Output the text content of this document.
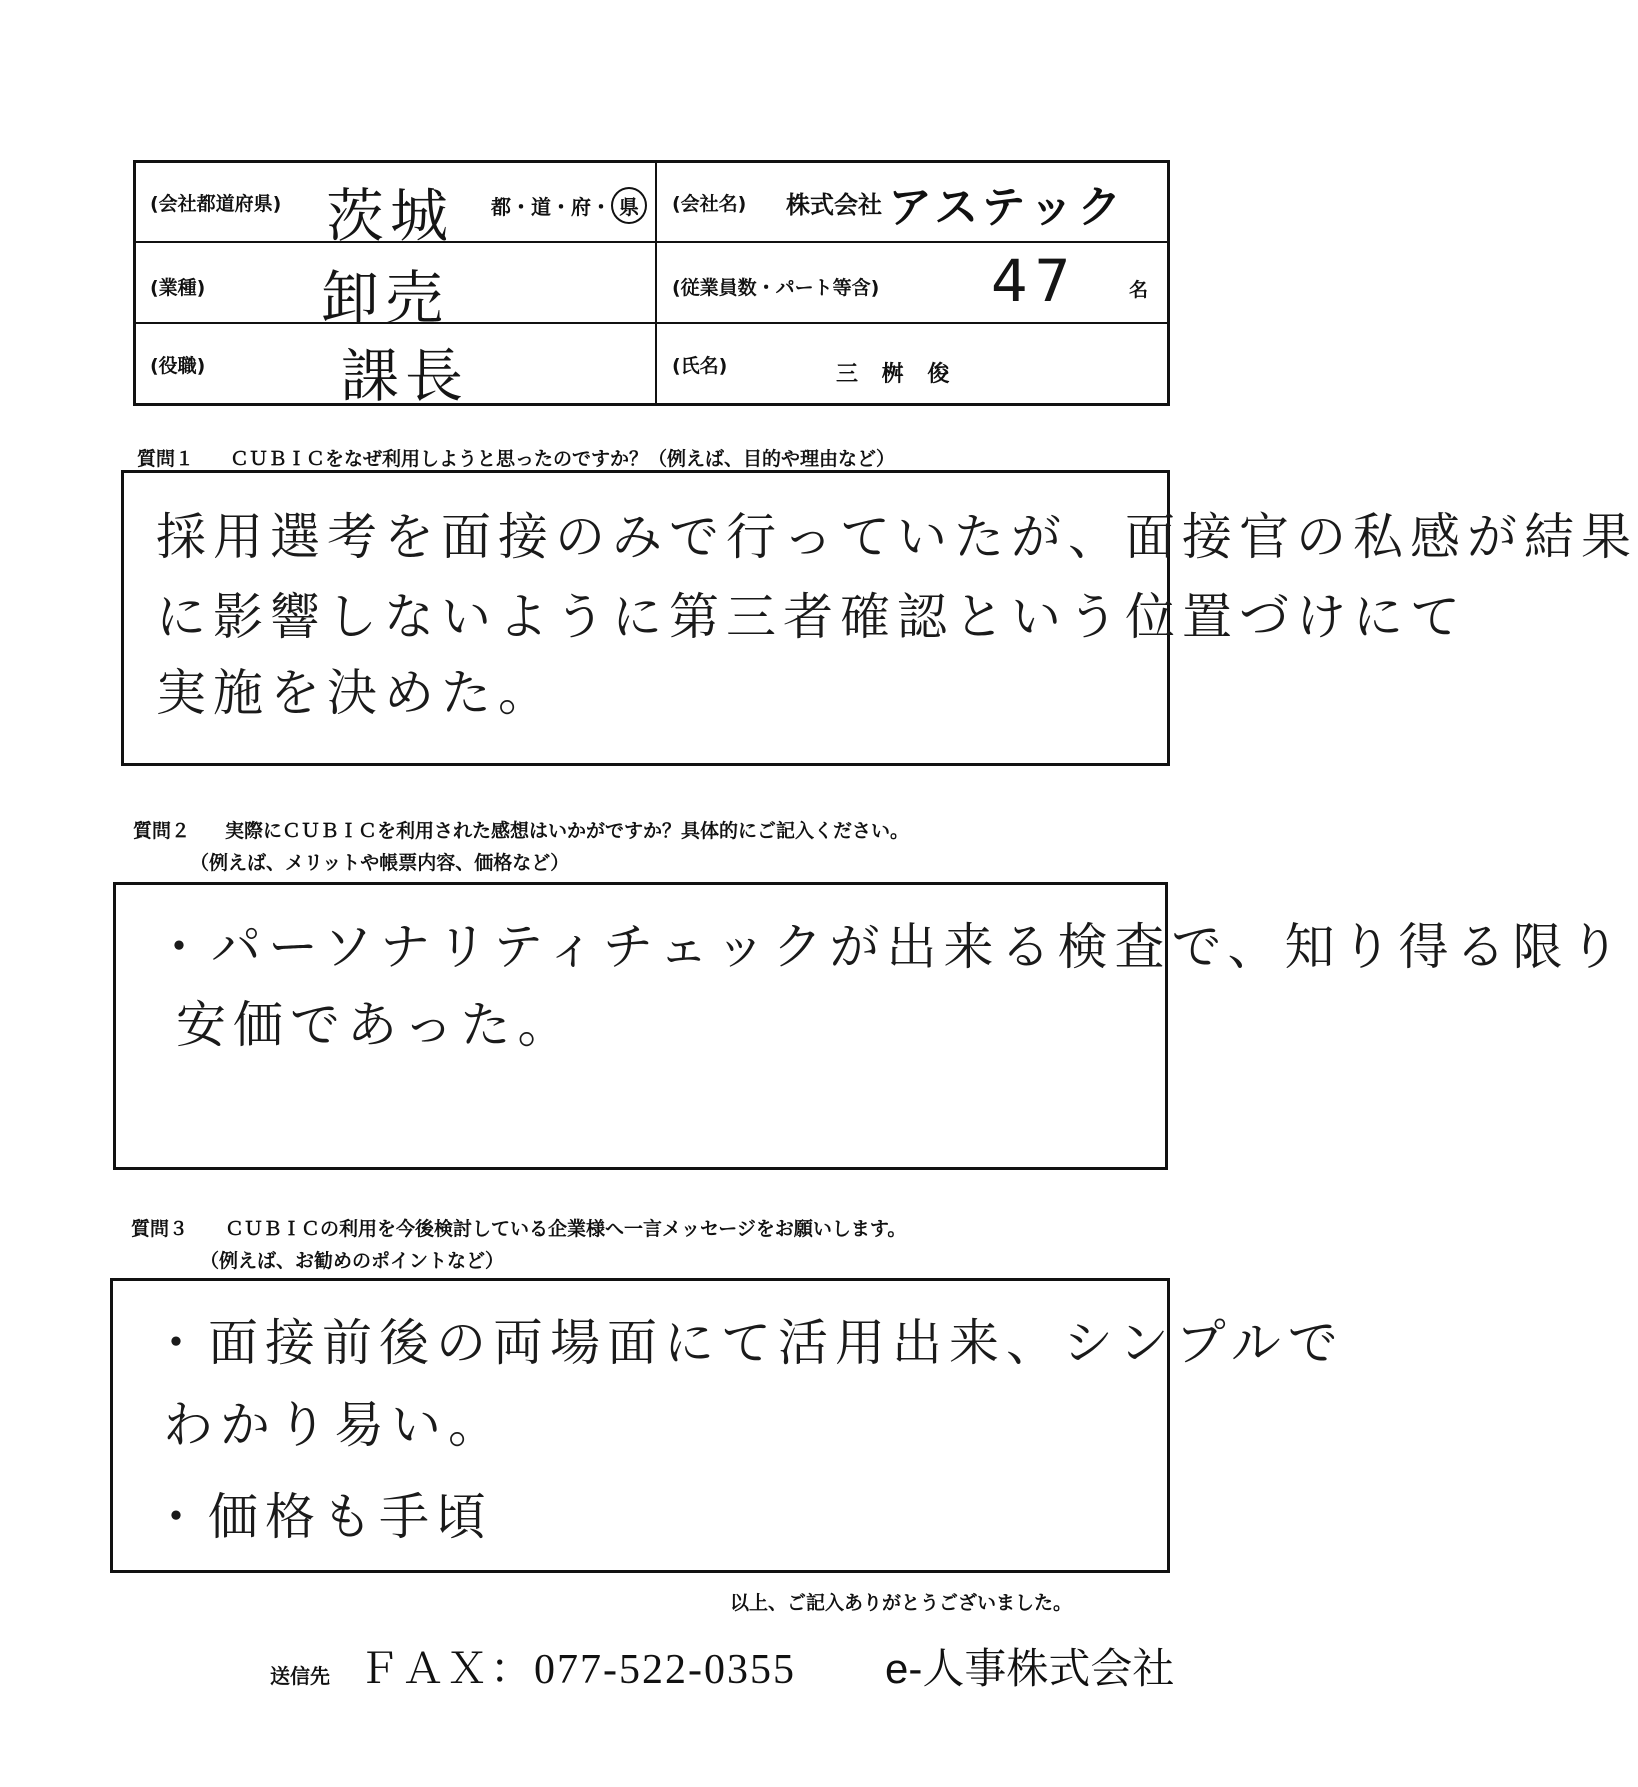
(会社都道府県) 茨城 都・道・府・ 県	(会社名) 株式会社 アステック
(業種) 卸売	(従業員数・パート等含) 47	名
(役職) 課長	(氏名)	三 桝 俊
質問１ ＣＵＢＩＣをなぜ利用しようと思ったのですか？（例えば、目的や理由など）
採用選考を面接のみで行っていたが、面接官の私感が結果
に影響しないように第三者確認という位置づけにて
実施を決めた。
質問２ 実際にＣＵＢＩＣを利用された感想はいかがですか？具体的にご記入ください。
（例えば、メリットや帳票内容、価格など）
・パーソナリティチェックが出来る検査で、知り得る限り
安価であった。
質問３ ＣＵＢＩＣの利用を今後検討している企業様へ一言メッセージをお願いします。
（例えば、お勧めのポイントなど）
・面接前後の両場面にて活用出来、シンプルで
わかり易い。
・価格も手頃
以上、ご記入ありがとうございました。
送信先 ＦＡＸ：077-522-0355 e-人事株式会社
